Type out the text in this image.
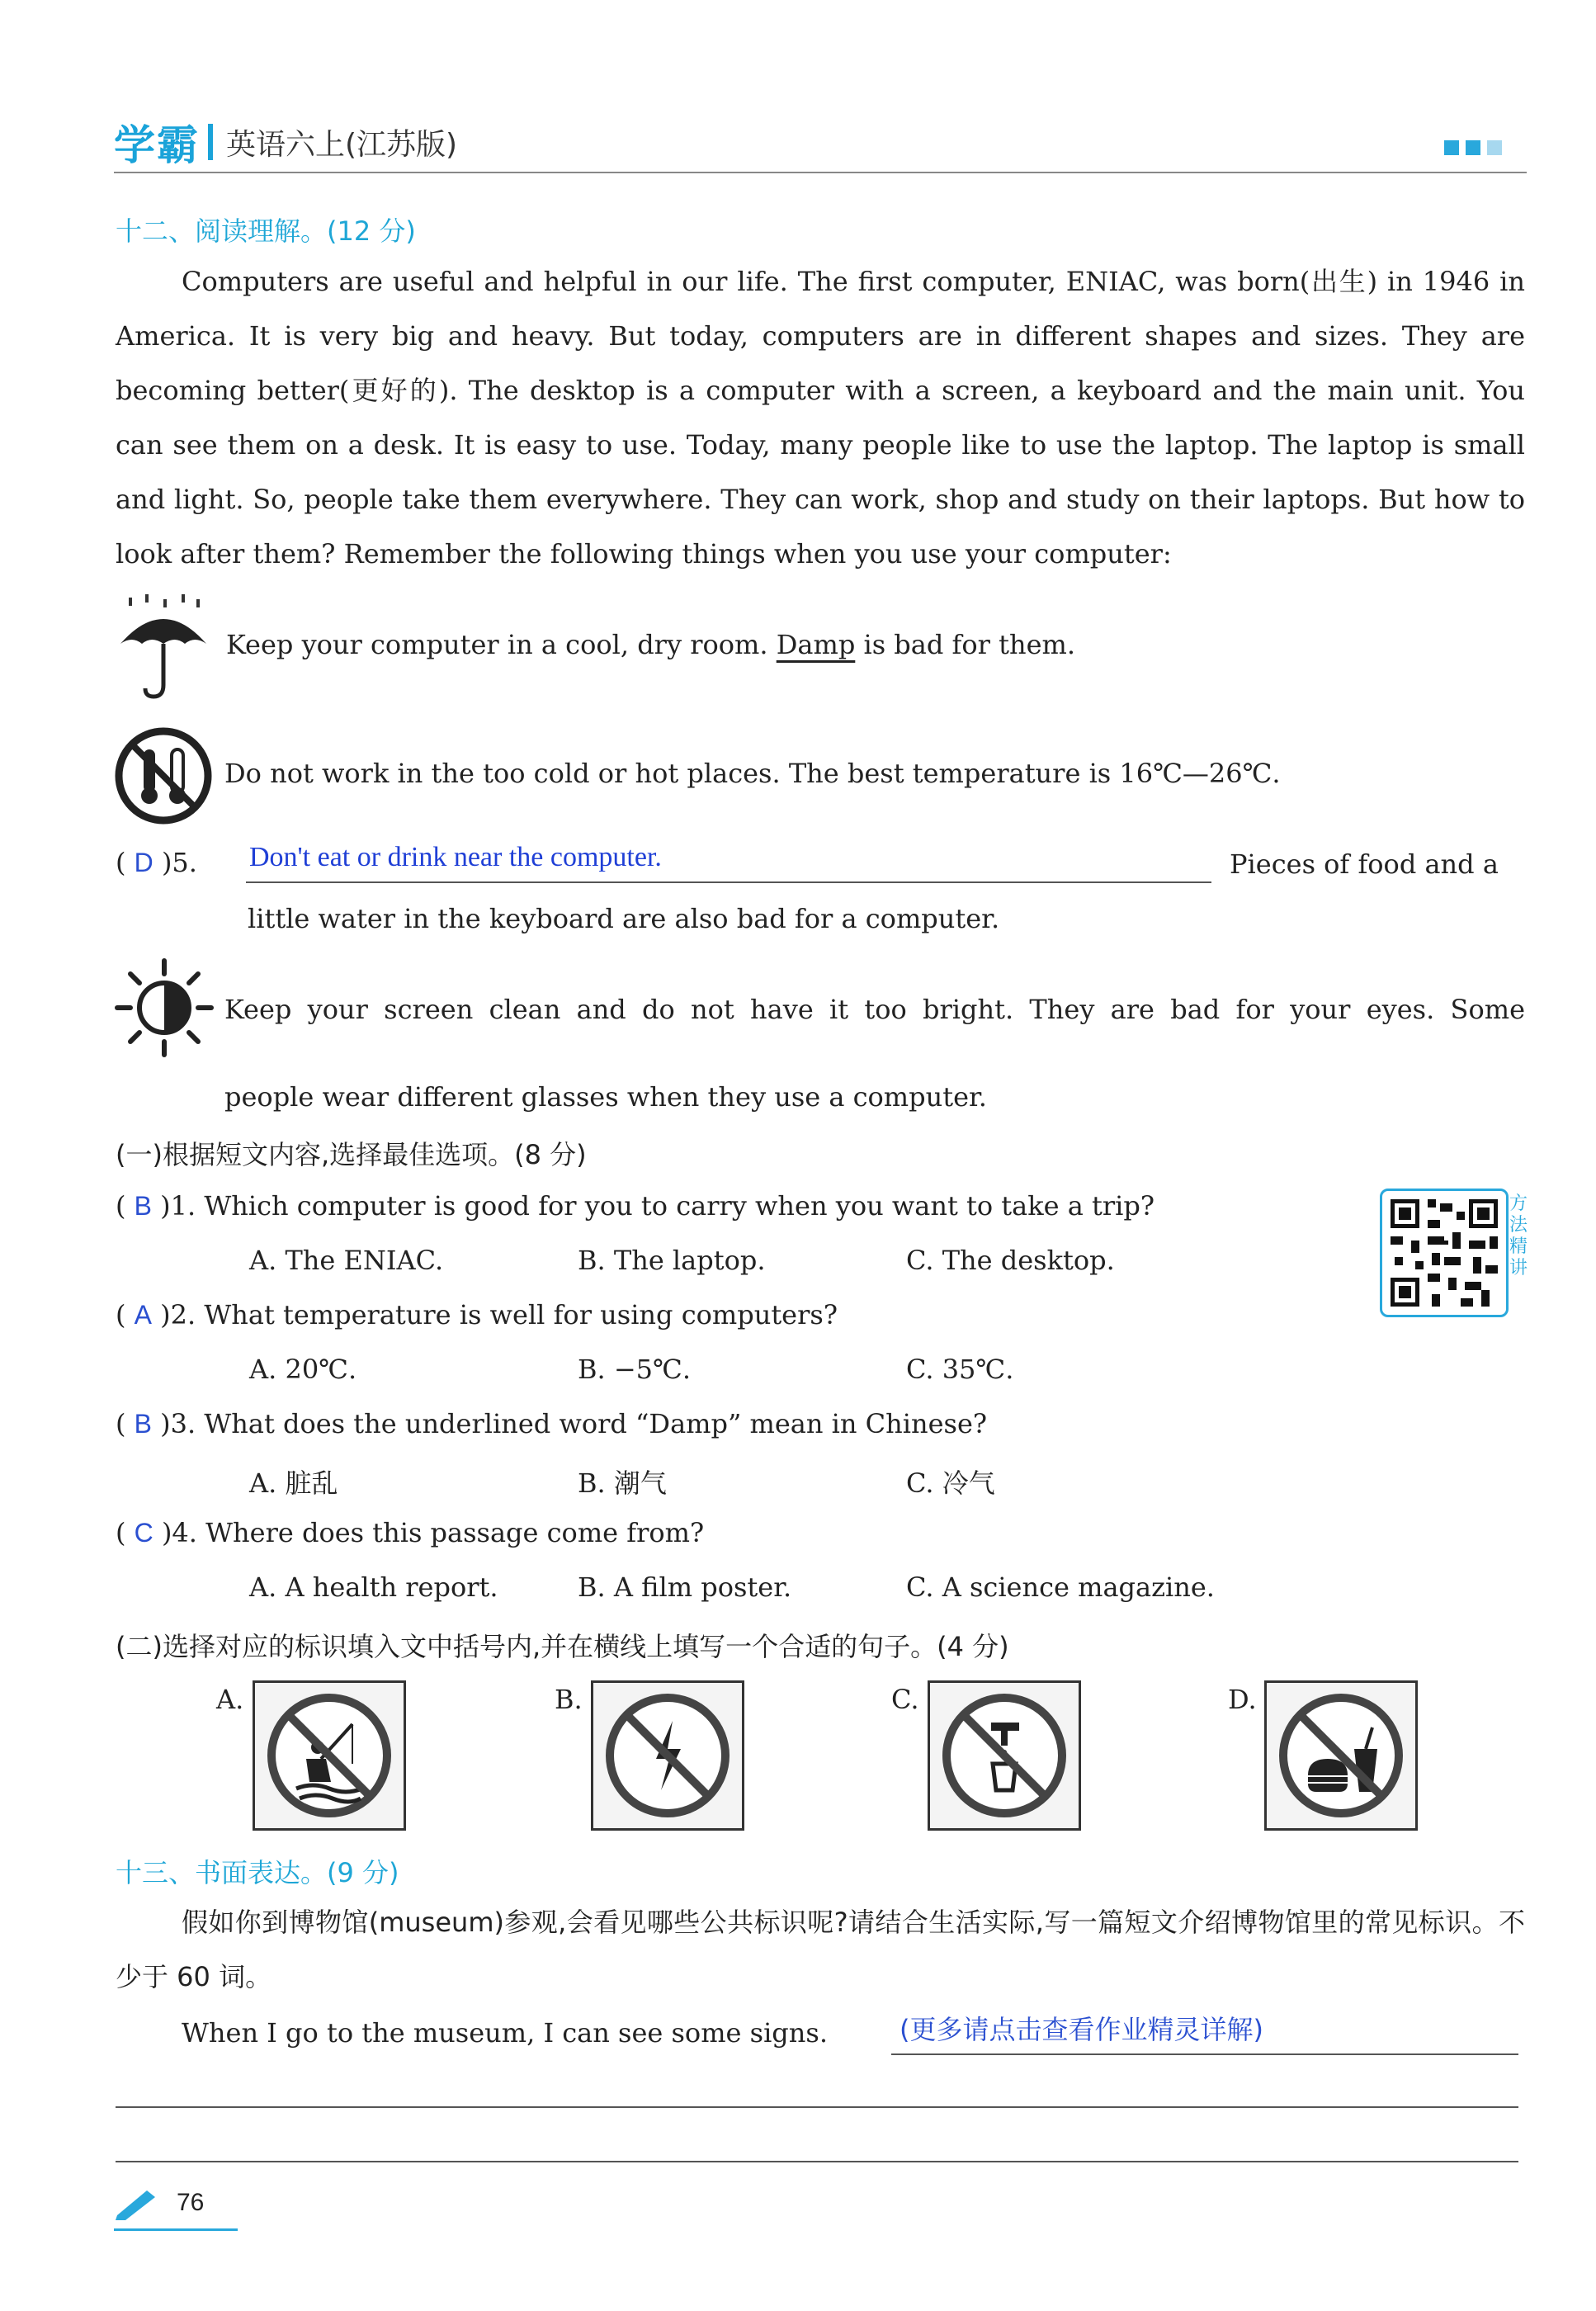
学霸 英语六上(江苏版)
十二、阅读理解。(12 分)
Computers are useful and helpful in our life. The first computer, ENIAC, was born(出生) in 1946 in America. It is very big and heavy. But today, computers are in different shapes and sizes. They are becoming better(更好的). The desktop is a computer with a screen, a keyboard and the main unit. You can see them on a desk. It is easy to use. Today, many people like to use the laptop. The laptop is small and light. So, people take them everywhere. They can work, shop and study on their laptops. But how to look after them? Remember the following things when you use your computer:
Keep your computer in a cool, dry room. Damp is bad for them.
Do not work in the too cold or hot places. The best temperature is 16℃—26℃.
( D )5. Don't eat or drink near the computer.	Pieces of food and a
little water in the keyboard are also bad for a computer.
Keep your screen clean and do not have it too bright. They are bad for your eyes. Some
people wear different glasses when they use a computer.
(一)根据短文内容,选择最佳选项。(8 分)
( B )1. Which computer is good for you to carry when you want to take a trip?
A. The ENIAC.	B. The laptop.	C. The desktop.
( A )2. What temperature is well for using computers?
A. 20℃.	B. −5℃.	C. 35℃.
( B )3. What does the underlined word “Damp” mean in Chinese?
A. 脏乱	B. 潮气	C. 冷气
( C )4. Where does this passage come from?
A. A health report.	B. A film poster.	C. A science magazine.
方法精讲
(二)选择对应的标识填入文中括号内,并在横线上填写一个合适的句子。(4 分)
A.	B.	C.	D.
十三、书面表达。(9 分)
假如你到博物馆(museum)参观,会看见哪些公共标识呢?请结合生活实际,写一篇短文介绍博物馆里的常见标识。不少于 60 词。
When I go to the museum, I can see some signs.	(更多请点击查看作业精灵详解)
76
